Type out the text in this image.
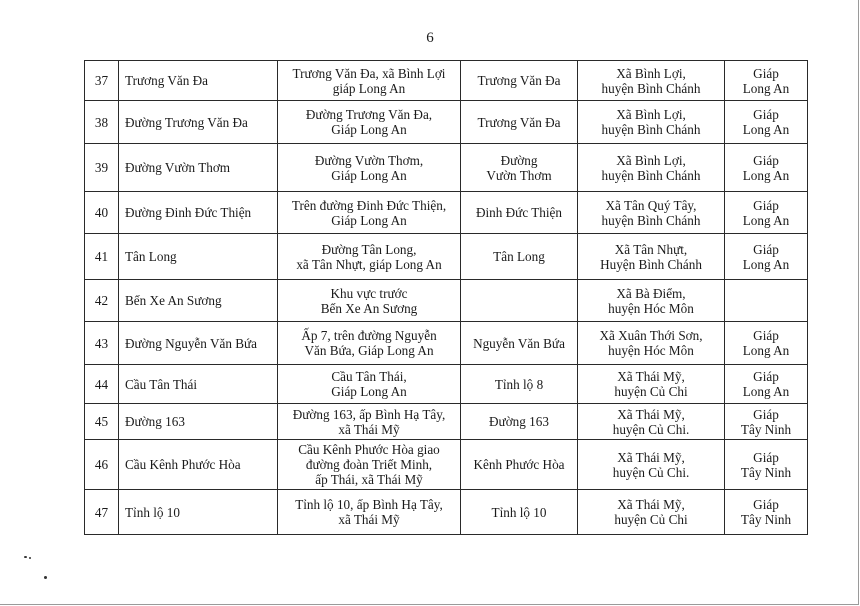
6
37	Trương Văn Đa	Trương Văn Đa, xã Bình Lợi
giáp Long An	Trương Văn Đa	Xã Bình Lợi,
huyện Bình Chánh	Giáp
Long An

38	Đường Trương Văn Đa	Đường Trương Văn Đa,
Giáp Long An	Trương Văn Đa	Xã Bình Lợi,
huyện Bình Chánh	Giáp
Long An

39	Đường Vườn Thơm	Đường Vườn Thơm,
Giáp Long An	Đường
Vườn Thơm	Xã Bình Lợi,
huyện Bình Chánh	Giáp
Long An

40	Đường Đinh Đức Thiện	Trên đường Đinh Đức Thiện,
Giáp Long An	Đinh Đức Thiện	Xã Tân Quý Tây,
huyện Bình Chánh	Giáp
Long An

41	Tân Long	Đường Tân Long,
xã Tân Nhựt, giáp Long An	Tân Long	Xã Tân Nhựt,
Huyện Bình Chánh	Giáp
Long An

42	Bến Xe An Sương	Khu vực trước
Bến Xe An Sương		Xã Bà Điểm,
huyện Hóc Môn	

43	Đường Nguyễn Văn Bứa	Ấp 7, trên đường Nguyễn
Văn Bứa, Giáp Long An	Nguyễn Văn Bứa	Xã Xuân Thới Sơn,
huyện Hóc Môn	Giáp
Long An

44	Cầu Tân Thái	Cầu Tân Thái,
Giáp Long An	Tỉnh lộ 8	Xã Thái Mỹ,
huyện Củ Chi	Giáp
Long An

45	Đường 163	Đường 163, ấp Bình Hạ Tây,
xã Thái Mỹ	Đường 163	Xã Thái Mỹ,
huyện Củ Chi.	Giáp
Tây Ninh

46	Cầu Kênh Phước Hòa	Cầu Kênh Phước Hòa giao
đường đoàn Triết Minh,
ấp Thái, xã Thái Mỹ	Kênh Phước Hòa	Xã Thái Mỹ,
huyện Củ Chi.	Giáp
Tây Ninh

47	Tỉnh lộ 10	Tỉnh lộ 10, ấp Bình Hạ Tây,
xã Thái Mỹ	Tỉnh lộ 10	Xã Thái Mỹ,
huyện Củ Chi	Giáp
Tây Ninh
